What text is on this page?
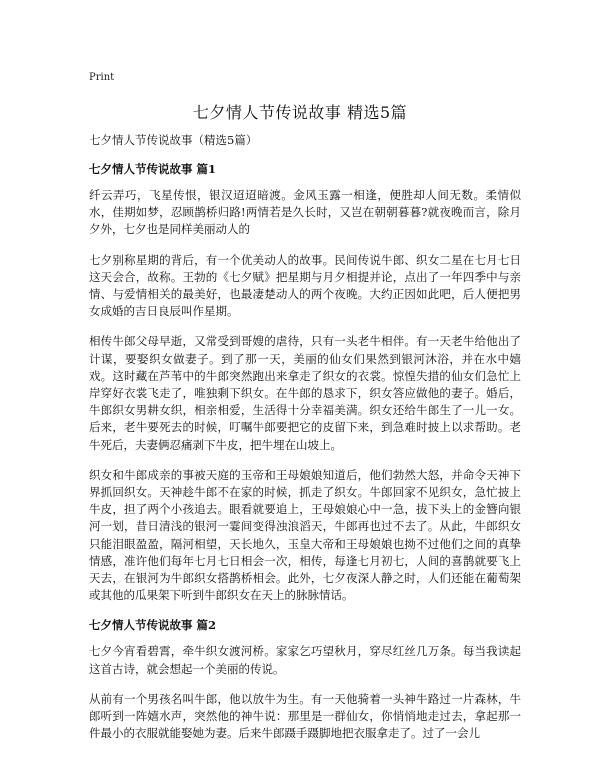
Print
七夕情人节传说故事 精选5篇
七夕情人节传说故事（精选5篇）
七夕情人节传说故事 篇1

纤云弄巧，飞星传恨，银汉迢迢暗渡。金风玉露一相逢，便胜却人间无数。柔情似水，佳期如梦，忍顾鹊桥归路!两情若是久长时，又岂在朝朝暮暮?就夜晚而言，除月夕外，七夕也是同样美丽动人的

七夕别称星期的背后，有一个优美动人的故事。民间传说牛郎、织女二星在七月七日这天会合，故称。王勃的《七夕赋》把星期与月夕相提并论，点出了一年四季中与亲情、与爱情相关的最美好，也最凄楚动人的两个夜晚。大约正因如此吧，后人便把男女成婚的吉日良辰叫作星期。

相传牛郎父母早逝，又常受到哥嫂的虐待，只有一头老牛相伴。有一天老牛给他出了计谋，要娶织女做妻子。到了那一天，美丽的仙女们果然到银河沐浴，并在水中嬉戏。这时藏在芦苇中的牛郎突然跑出来拿走了织女的衣裳。惊惶失措的仙女们急忙上岸穿好衣裳飞走了，唯独剩下织女。在牛郎的恳求下，织女答应做他的妻子。婚后，牛郎织女男耕女织，相亲相爱，生活得十分幸福美满。织女还给牛郎生了一儿一女。后来，老牛要死去的时候，叮嘱牛郎要把它的皮留下来，到急难时披上以求帮助。老牛死后，夫妻俩忍痛剥下牛皮，把牛埋在山坡上。

织女和牛郎成亲的事被天庭的玉帝和王母娘娘知道后，他们勃然大怒，并命令天神下界抓回织女。天神趁牛郎不在家的时候，抓走了织女。牛郎回家不见织女，急忙披上牛皮，担了两个小孩追去。眼看就要追上，王母娘娘心中一急，拔下头上的金簪向银河一划，昔日清浅的银河一霎间变得浊浪滔天，牛郎再也过不去了。从此，牛郎织女只能泪眼盈盈，隔河相望，天长地久，玉皇大帝和王母娘娘也拗不过他们之间的真挚情感，准许他们每年七月七日相会一次，相传，每逢七月初七，人间的喜鹊就要飞上天去，在银河为牛郎织女搭鹊桥相会。此外，七夕夜深人静之时，人们还能在葡萄架或其他的瓜果架下听到牛郎织女在天上的脉脉情话。

七夕情人节传说故事 篇2

七夕今宵看碧霄，牵牛织女渡河桥。家家乞巧望秋月，穿尽红丝几万条。每当我读起这首古诗，就会想起一个美丽的传说。

从前有一个男孩名叫牛郎，他以放牛为生。有一天他骑着一头神牛路过一片森林，牛郎听到一阵嬉水声，突然他的神牛说：那里是一群仙女，你悄悄地走过去，拿起那一件最小的衣服就能娶她为妻。后来牛郎蹑手蹑脚地把衣服拿走了。过了一会儿
